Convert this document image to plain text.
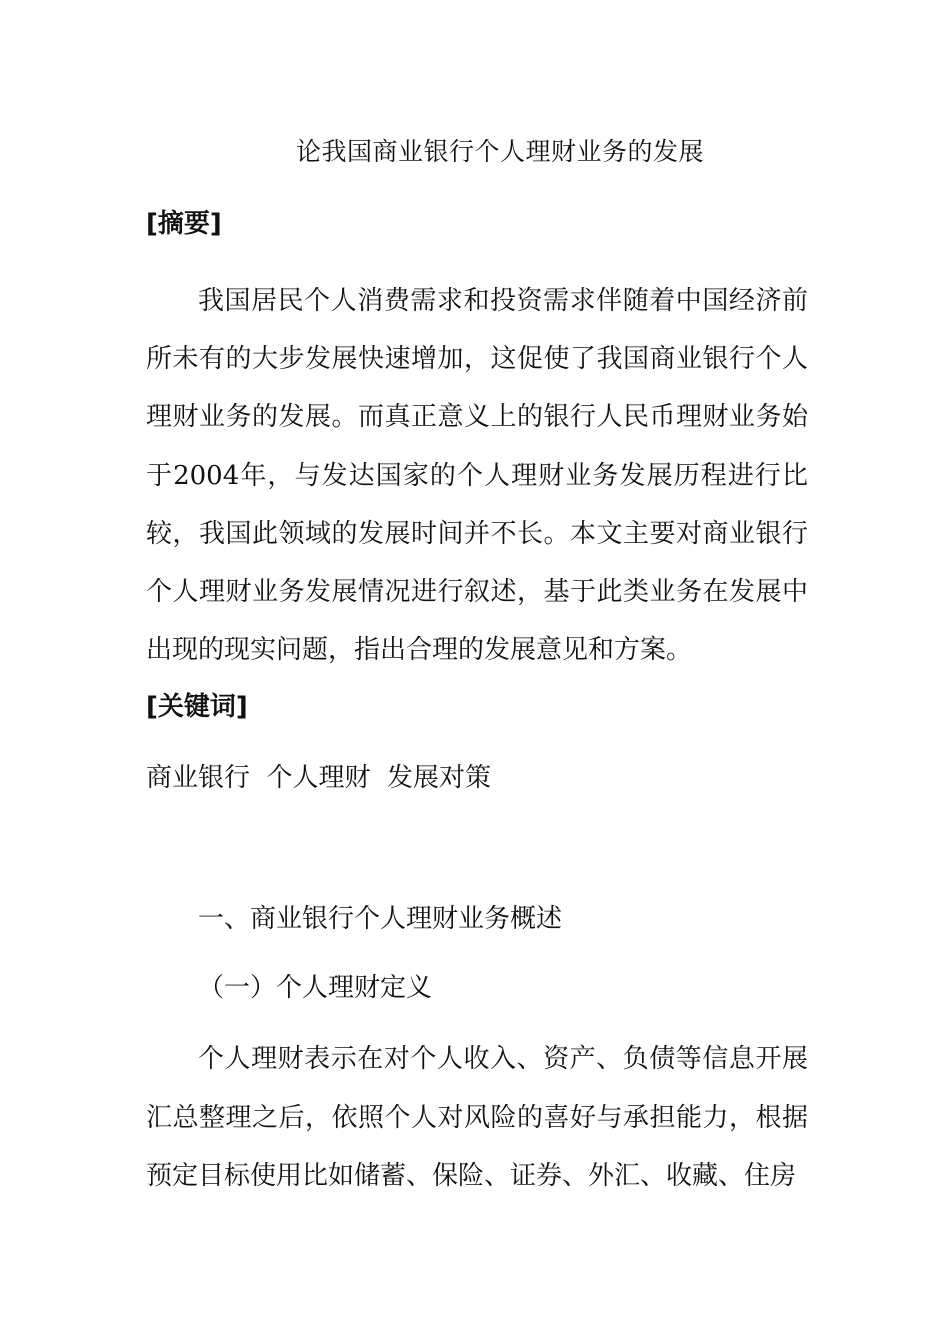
论我国商业银行个人理财业务的发展
[摘要]

我国居民个人消费需求和投资需求伴随着中国经济前所未有的大步发展快速增加，这促使了我国商业银行个人理财业务的发展。而真正意义上的银行人民币理财业务始于2004年，与发达国家的个人理财业务发展历程进行比较，我国此领域的发展时间并不长。本文主要对商业银行个人理财业务发展情况进行叙述，基于此类业务在发展中出现的现实问题，指出合理的发展意见和方案。

[关键词]
商业银行  个人理财  发展对策
一、商业银行个人理财业务概述
（一）个人理财定义

个人理财表示在对个人收入、资产、负债等信息开展汇总整理之后，依照个人对风险的喜好与承担能力，根据预定目标使用比如储蓄、保险、证券、外汇、收藏、住房
